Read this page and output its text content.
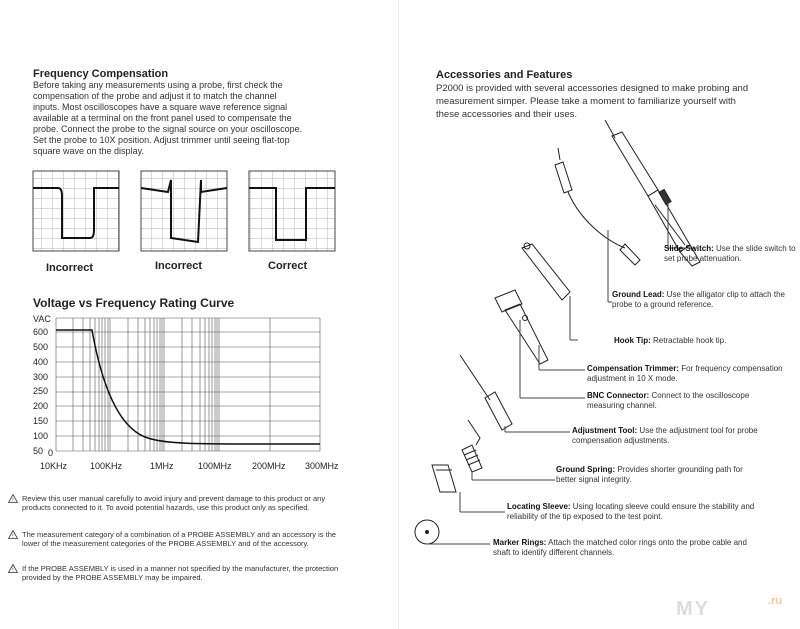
Frequency Compensation
Before taking any measurements using a probe, first check the
compensation of the probe and adjust it to match the channel
inputs. Most oscilloscopes have a square wave reference signal
available at a terminal on the front panel used to compensate the
probe. Connect the probe to the signal source on your oscilloscope.
Set the probe to 10X position. Adjust trimmer until seeing flat-top
square wave on the display.
Incorrect	Incorrect	Correct
Voltage vs Frequency Rating Curve
VAC
600
500
400
300
250
200
150
100
50 0
10KHz	100KHz	1MHz	100MHz 200MHz 300MHz
! Review this user manual carefully to avoid injury and prevent damage to this product or any products connected to it. To avoid potential hazards, use this product only as specified.
! The measurement category of a combination of a PROBE ASSEMBLY and an accessory is the lower of the measurement categories of the PROBE ASSEMBLY and of the accessory.
! If the PROBE ASSEMBLY is used in a manner not specified by the manufacturer, the protection provided by the PROBE ASSEMBLY may be impaired.
Accessories and Features
P2000 is provided with several accessories designed to make probing and
measurement simper. Please take a moment to familiarize yourself with
these accessories and their uses.
Slide Switch: Use the slide switch to set probe attenuation.
Ground Lead: Use the alligator clip to attach the probe to a ground reference.
Hook Tip: Retractable hook tip.
Compensation Trimmer: For frequency compensation adjustment in 10 X mode.
BNC Connector: Connect to the oscilloscope measuring channel.
Adjustment Tool: Use the adjustment tool for probe compensation adjustments.
Ground Spring: Provides shorter grounding path for better signal integrity.
Locating Sleeve: Using locating sleeve could ensure the stability and reliability of the tip exposed to the test point.
Marker Rings: Attach the matched color rings onto the probe cable and shaft to identify different channels.
MY	.ru
